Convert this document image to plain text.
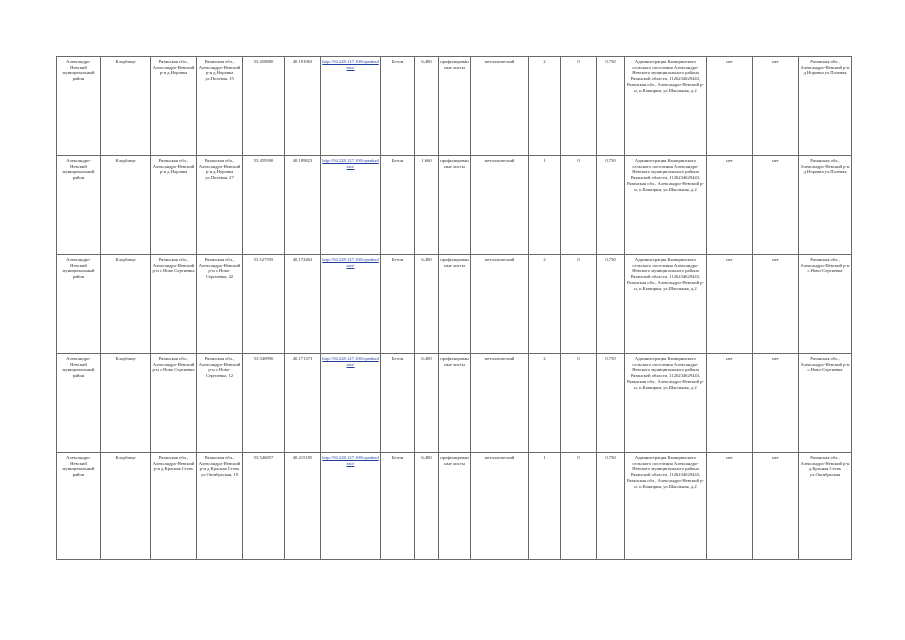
Александро-Невский муниципальный район	Кладбище	Рязанская обл., Александро-Невский р-н д.Норовка	Рязанская обл., Александро-Невский р-н д.Норовка ул.Полевая, 15	53.458880	40.191963	http://94.228.127.100/openkadastr/	Бетон	6,480	профилированные листы	металлический	2	0	0,750	Администрация Каширинского сельского поселения Александро-Невского муниципального района Рязанской области, 1126234629443, Рязанская обл., Александро-Невский р-н, п.Каширин, ул.Школьная, д.2	нет	нет	Рязанская обл., Александро-Невский р-н д.Норовка ул.Полевая
Александро-Невский муниципальный район	Кладбище	Рязанская обл., Александро-Невский р-н д.Норовка	Рязанская обл., Александро-Невский р-н д.Норовка ул.Полевая, 27	53.459390	40.189823	http://94.228.127.100/openkadastr/	Бетон	1,660	профилированные листы	металлический	1	0	0,750	Администрация Каширинского сельского поселения Александро-Невского муниципального района Рязанской области, 1126234629443, Рязанская обл., Александро-Невский р-н, п.Каширин, ул.Школьная, д.2	нет	нет	Рязанская обл., Александро-Невский р-н д.Норовка ул.Полевая
Александро-Невский муниципальный район	Кладбище	Рязанская обл., Александро-Невский р-н с.Ново Сергиевка	Рязанская обл., Александро-Невский р-н с.Ново-Сергиевка, 42	53.527595	40.172462	http://94.228.127.100/openkadastr/	Бетон	6,480	профилированные листы	металлический	2	0	0,750	Администрация Каширинского сельского поселения Александро-Невского муниципального района Рязанской области, 1126234629443, Рязанская обл., Александро-Невский р-н, п.Каширин, ул.Школьная, д.2	нет	нет	Рязанская обл., Александро-Невский р-н с.Ново-Сергиевка
Александро-Невский муниципальный район	Кладбище	Рязанская обл., Александро-Невский р-н с.Ново Сергиевка	Рязанская обл., Александро-Невский р-н с.Ново-Сергиевка, 12	53.540990	40.171373	http://94.228.127.100/openkadastr/	Бетон	6,480	профилированные листы	металлический	2	0	0,750	Администрация Каширинского сельского поселения Александро-Невского муниципального района Рязанской области, 1126234629443, Рязанская обл., Александро-Невский р-н, п.Каширин, ул.Школьная, д.2	нет	нет	Рязанская обл., Александро-Невский р-н с.Ново-Сергиевка
Александро-Невский муниципальный район	Кладбище	Рязанская обл., Александро-Невский р-н д.Красная Степь	Рязанская обл., Александро-Невский р-н д.Красная Степь ул.Октябрьская, 10	53.546857	40.215185	http://94.228.127.100/openkadastr/	Бетон	6,480	профилированные листы	металлический	1	0	0,750	Администрация Каширинского сельского поселения Александро-Невского муниципального района Рязанской области, 1126234629443, Рязанская обл., Александро-Невский р-н, п.Каширин, ул.Школьная, д.2	нет	нет	Рязанская обл., Александро-Невский р-н д.Красная Степь ул.Октябрьская
